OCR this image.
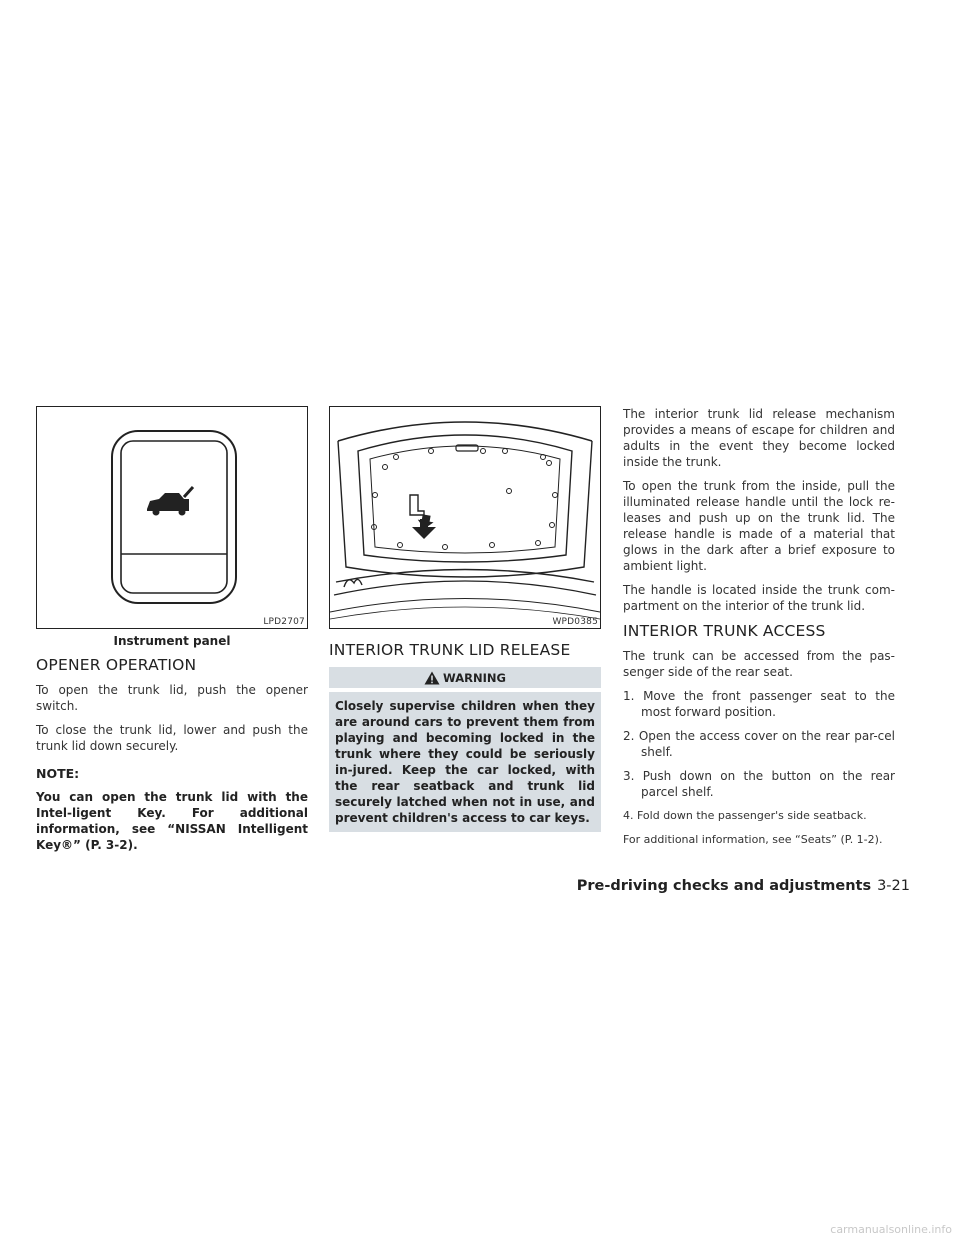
LPD2707
Instrument panel
OPENER OPERATION

To open the trunk lid, push the opener switch.

To close the trunk lid, lower and push the trunk lid down securely.

NOTE:

You can open the trunk lid with the Intel-ligent Key. For additional information, see “NISSAN Intelligent Key®” (P. 3-2).

WPD0385
INTERIOR TRUNK LID RELEASE
WARNING
Closely supervise children when they are around cars to prevent them from playing and becoming locked in the trunk where they could be seriously in-jured. Keep the car locked, with the rear seatback and trunk lid securely latched when not in use, and prevent children's access to car keys.

The interior trunk lid release mechanism provides a means of escape for children and adults in the event they become locked inside the trunk.

To open the trunk from the inside, pull the illuminated release handle until the lock re-leases and push up on the trunk lid. The release handle is made of a material that glows in the dark after a brief exposure to ambient light.

The handle is located inside the trunk com-partment on the interior of the trunk lid.

INTERIOR TRUNK ACCESS

The trunk can be accessed from the pas-senger side of the rear seat.

1. Move the front passenger seat to the most forward position.
2. Open the access cover on the rear par-cel shelf.
3. Push down on the button on the rear parcel shelf.
4. Fold down the passenger's side seatback.

For additional information, see “Seats” (P. 1-2).

Pre-driving checks and adjustments 3-21
carmanualsonline.info
